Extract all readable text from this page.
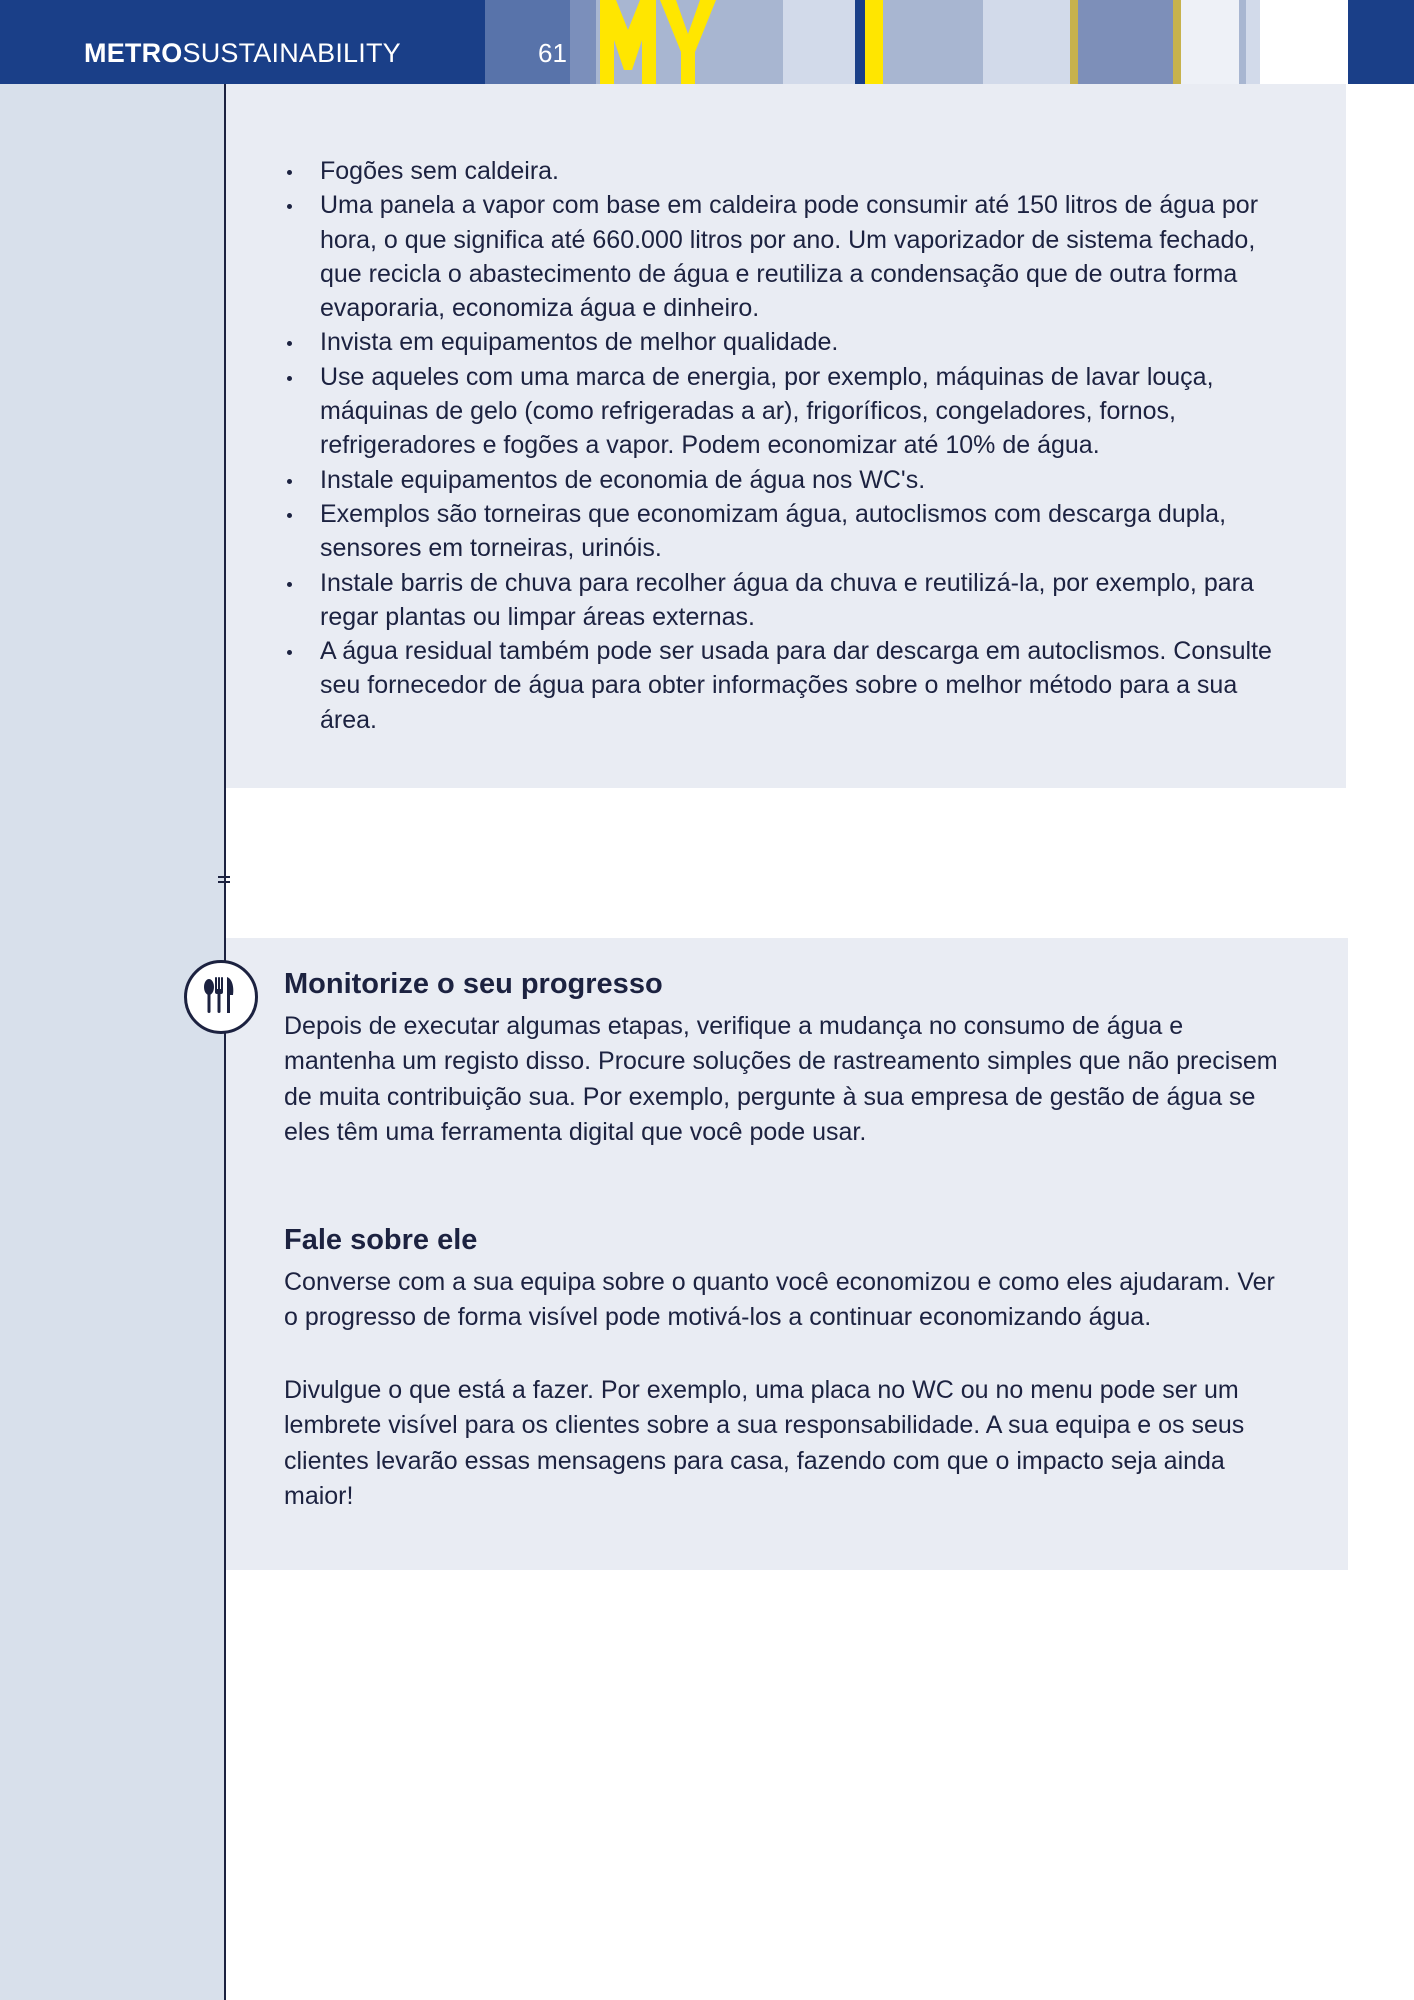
METROSUSTAINABILITY	61
Fogões sem caldeira.
Uma panela a vapor com base em caldeira pode consumir até 150 litros de água por hora, o que significa até 660.000 litros por ano. Um vaporizador de sistema fechado, que recicla o abastecimento de água e reutiliza a condensação que de outra forma evaporaria, economiza água e dinheiro.
Invista em equipamentos de melhor qualidade.
Use aqueles com uma marca de energia, por exemplo, máquinas de lavar louça, máquinas de gelo (como refrigeradas a ar), frigoríficos, congeladores, fornos, refrigeradores e fogões a vapor. Podem economizar até 10% de água.
Instale equipamentos de economia de água nos WC's.
Exemplos são torneiras que economizam água, autoclismos com descarga dupla, sensores em torneiras, urinóis.
Instale barris de chuva para recolher água da chuva e reutilizá-la, por exemplo, para regar plantas ou limpar áreas externas.
A água residual também pode ser usada para dar descarga em autoclismos. Consulte seu fornecedor de água para obter informações sobre o melhor método para a sua área.
Monitorize o seu progresso

Depois de executar algumas etapas, verifique a mudança no consumo de água e mantenha um registo disso. Procure soluções de rastreamento simples que não precisem de muita contribuição sua. Por exemplo, pergunte à sua empresa de gestão de água se eles têm uma ferramenta digital que você pode usar.

Fale sobre ele

Converse com a sua equipa sobre o quanto você economizou e como eles ajudaram. Ver o progresso de forma visível pode motivá-los a continuar economizando água.

Divulgue o que está a fazer. Por exemplo, uma placa no WC ou no menu pode ser um lembrete visível para os clientes sobre a sua responsabilidade. A sua equipa e os seus clientes levarão essas mensagens para casa, fazendo com que o impacto seja ainda maior!
